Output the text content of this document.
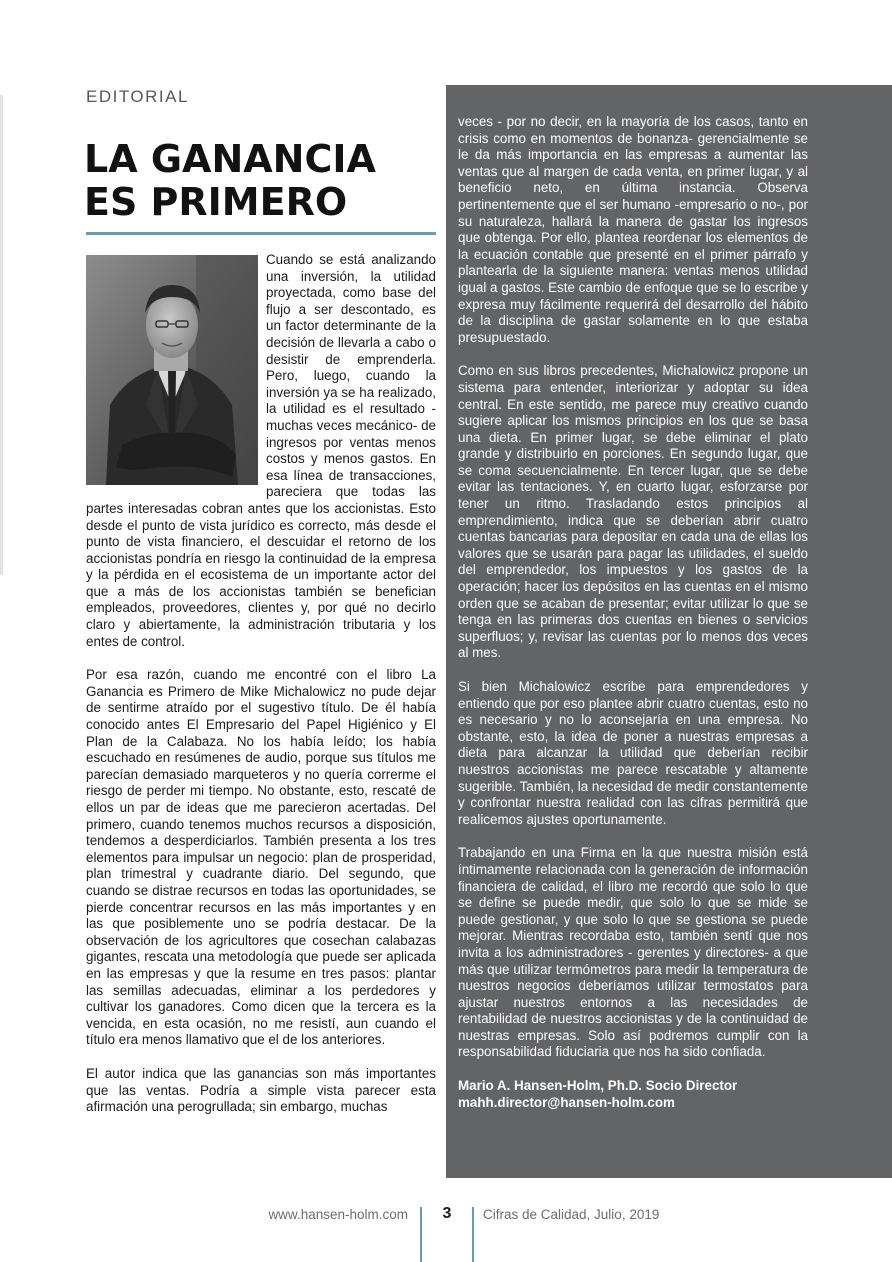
EDITORIAL
LA GANANCIA
ES PRIMERO

Cuando se está analizando una inversión, la utilidad proyectada, como base del flujo a ser descontado, es un factor determinante de la decisión de llevarla a cabo o desistir de emprenderla. Pero, luego, cuando la inversión ya se ha realizado, la utilidad es el resultado -muchas veces mecánico- de ingresos por ventas menos costos y menos gastos. En esa línea de transacciones, pareciera que todas las partes interesadas cobran antes que los accionistas. Esto desde el punto de vista jurídico es correcto, más desde el punto de vista financiero, el descuidar el retorno de los accionistas pondría en riesgo la continuidad de la empresa y la pérdida en el ecosistema de un importante actor del que a más de los accionistas también se benefician empleados, proveedores, clientes y, por qué no decirlo claro y abiertamente, la administración tributaria y los entes de control.

Por esa razón, cuando me encontré con el libro La Ganancia es Primero de Mike Michalowicz no pude dejar de sentirme atraído por el sugestivo título. De él había conocido antes El Empresario del Papel Higiénico y El Plan de la Calabaza. No los había leído; los había escuchado en resúmenes de audio, porque sus títulos me parecían demasiado marqueteros y no quería correrme el riesgo de perder mi tiempo. No obstante, esto, rescaté de ellos un par de ideas que me parecieron acertadas. Del primero, cuando tenemos muchos recursos a disposición, tendemos a desperdiciarlos. También presenta a los tres elementos para impulsar un negocio: plan de prosperidad, plan trimestral y cuadrante diario. Del segundo, que cuando se distrae recursos en todas las oportunidades, se pierde concentrar recursos en las más importantes y en las que posiblemente uno se podría destacar. De la observación de los agricultores que cosechan calabazas gigantes, rescata una metodología que puede ser aplicada en las empresas y que la resume en tres pasos: plantar las semillas adecuadas, eliminar a los perdedores y cultivar los ganadores. Como dicen que la tercera es la vencida, en esta ocasión, no me resistí, aun cuando el título era menos llamativo que el de los anteriores.

El autor indica que las ganancias son más importantes que las ventas. Podría a simple vista parecer esta afirmación una perogrullada; sin embargo, muchas

veces - por no decir, en la mayoría de los casos, tanto en crisis como en momentos de bonanza- gerencialmente se le da más importancia en las empresas a aumentar las ventas que al margen de cada venta, en primer lugar, y al beneficio neto, en última instancia. Observa pertinentemente que el ser humano -empresario o no-, por su naturaleza, hallará la manera de gastar los ingresos que obtenga. Por ello, plantea reordenar los elementos de la ecuación contable que presenté en el primer párrafo y plantearla de la siguiente manera: ventas menos utilidad igual a gastos. Este cambio de enfoque que se lo escribe y expresa muy fácilmente requerirá del desarrollo del hábito de la disciplina de gastar solamente en lo que estaba presupuestado.

Como en sus libros precedentes, Michalowicz propone un sistema para entender, interiorizar y adoptar su idea central. En este sentido, me parece muy creativo cuando sugiere aplicar los mismos principios en los que se basa una dieta. En primer lugar, se debe eliminar el plato grande y distribuirlo en porciones. En segundo lugar, que se coma secuencialmente. En tercer lugar, que se debe evitar las tentaciones. Y, en cuarto lugar, esforzarse por tener un ritmo. Trasladando estos principios al emprendimiento, indica que se deberían abrir cuatro cuentas bancarias para depositar en cada una de ellas los valores que se usarán para pagar las utilidades, el sueldo del emprendedor, los impuestos y los gastos de la operación; hacer los depósitos en las cuentas en el mismo orden que se acaban de presentar; evitar utilizar lo que se tenga en las primeras dos cuentas en bienes o servicios superfluos; y, revisar las cuentas por lo menos dos veces al mes.

Si bien Michalowicz escribe para emprendedores y entiendo que por eso plantee abrir cuatro cuentas, esto no es necesario y no lo aconsejaría en una empresa. No obstante, esto, la idea de poner a nuestras empresas a dieta para alcanzar la utilidad que deberían recibir nuestros accionistas me parece rescatable y altamente sugerible. También, la necesidad de medir constantemente y confrontar nuestra realidad con las cifras permitirá que realicemos ajustes oportunamente.

Trabajando en una Firma en la que nuestra misión está íntimamente relacionada con la generación de información financiera de calidad, el libro me recordó que solo lo que se define se puede medir, que solo lo que se mide se puede gestionar, y que solo lo que se gestiona se puede mejorar. Mientras recordaba esto, también sentí que nos invita a los administradores - gerentes y directores- a que más que utilizar termómetros para medir la temperatura de nuestros negocios deberíamos utilizar termostatos para ajustar nuestros entornos a las necesidades de rentabilidad de nuestros accionistas y de la continuidad de nuestras empresas. Solo así podremos cumplir con la responsabilidad fiduciaria que nos ha sido confiada.

Mario A. Hansen-Holm, Ph.D. Socio Director
mahh.director@hansen-holm.com

www.hansen-holm.com	3	Cifras de Calidad, Julio, 2019
